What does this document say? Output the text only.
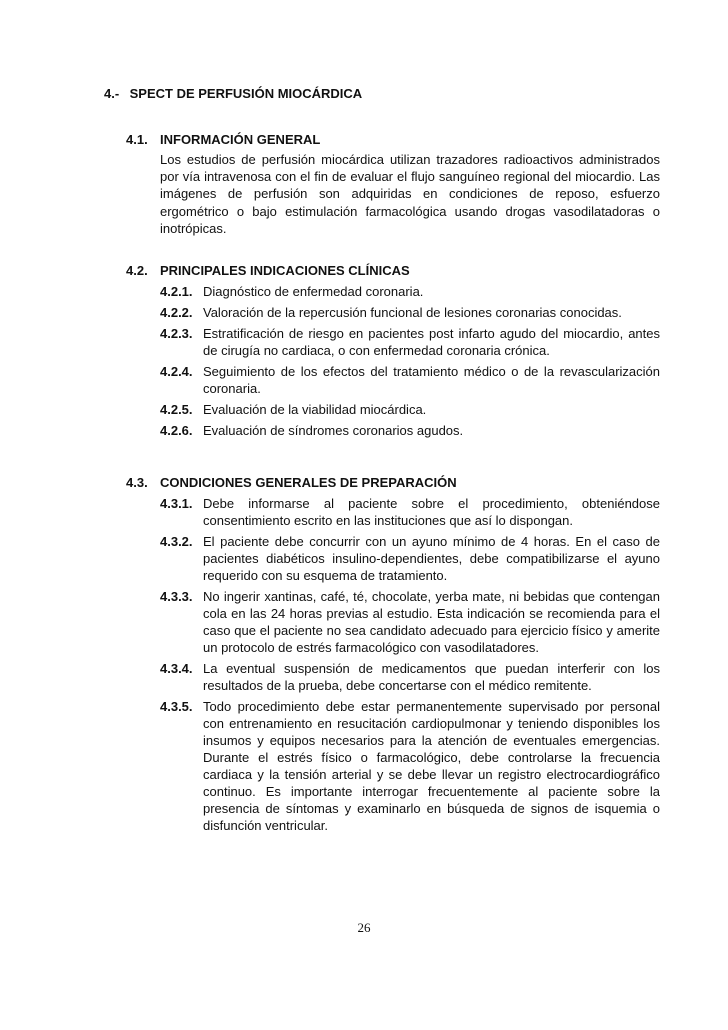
4.- SPECT DE PERFUSIÓN MIOCÁRDICA
4.1. INFORMACIÓN GENERAL
Los estudios de perfusión miocárdica utilizan trazadores radioactivos administrados por vía intravenosa con el fin de evaluar el flujo sanguíneo regional del miocardio. Las imágenes de perfusión son adquiridas en condiciones de reposo, esfuerzo ergométrico o bajo estimulación farmacológica usando drogas vasodilatadoras o inotrópicas.
4.2. PRINCIPALES INDICACIONES CLÍNICAS
4.2.1. Diagnóstico de enfermedad coronaria.
4.2.2. Valoración de la repercusión funcional de lesiones coronarias conocidas.
4.2.3. Estratificación de riesgo en pacientes post infarto agudo del miocardio, antes de cirugía no cardiaca, o con enfermedad coronaria crónica.
4.2.4. Seguimiento de los efectos del tratamiento médico o de la revascularización coronaria.
4.2.5. Evaluación de la viabilidad miocárdica.
4.2.6. Evaluación de síndromes coronarios agudos.
4.3. CONDICIONES GENERALES DE PREPARACIÓN
4.3.1. Debe informarse al paciente sobre el procedimiento, obteniéndose consentimiento escrito en las instituciones que así lo dispongan.
4.3.2. El paciente debe concurrir con un ayuno mínimo de 4 horas. En el caso de pacientes diabéticos insulino-dependientes, debe compatibilizarse el ayuno requerido con su esquema de tratamiento.
4.3.3. No ingerir xantinas, café, té, chocolate, yerba mate, ni bebidas que contengan cola en las 24 horas previas al estudio. Esta indicación se recomienda para el caso que el paciente no sea candidato adecuado para ejercicio físico y amerite un protocolo de estrés farmacológico con vasodilatadores.
4.3.4. La eventual suspensión de medicamentos que puedan interferir con los resultados de la prueba, debe concertarse con el médico remitente.
4.3.5. Todo procedimiento debe estar permanentemente supervisado por personal con entrenamiento en resucitación cardiopulmonar y teniendo disponibles los insumos y equipos necesarios para la atención de eventuales emergencias. Durante el estrés físico o farmacológico, debe controlarse la frecuencia cardiaca y la tensión arterial y se debe llevar un registro electrocardiográfico continuo. Es importante interrogar frecuentemente al paciente sobre la presencia de síntomas y examinarlo en búsqueda de signos de isquemia o disfunción ventricular.
26
